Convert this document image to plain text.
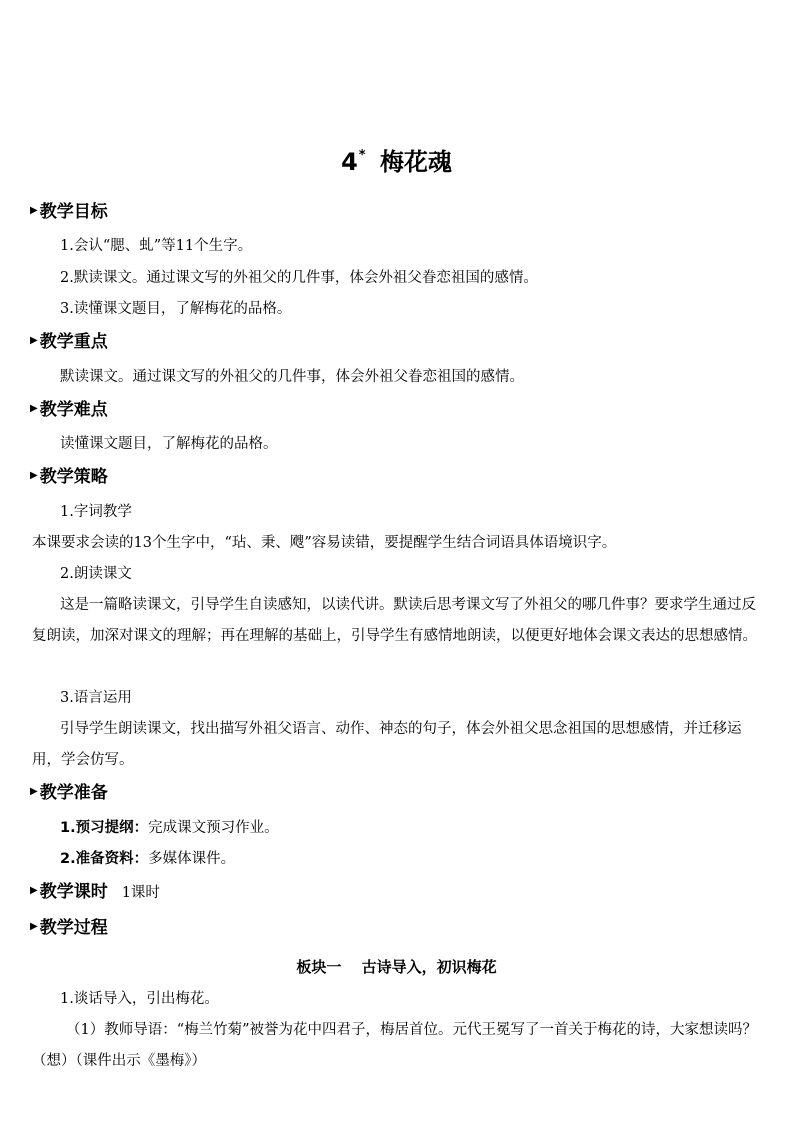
4* 梅花魂
▶ 教学目标
1.会认“腮、虬”等11个生字。
2.默读课文。通过课文写的外祖父的几件事，体会外祖父眷恋祖国的感情。
3.读懂课文题目，了解梅花的品格。
▶ 教学重点
默读课文。通过课文写的外祖父的几件事，体会外祖父眷恋祖国的感情。
▶ 教学难点
读懂课文题目，了解梅花的品格。
▶ 教学策略
1.字词教学
本课要求会读的13个生字中，“玷、秉、飕”容易读错，要提醒学生结合词语具体语境识字。
2.朗读课文
这是一篇略读课文，引导学生自读感知，以读代讲。默读后思考课文写了外祖父的哪几件事？要求学生通过反复朗读，加深对课文的理解；再在理解的基础上，引导学生有感情地朗读，以便更好地体会课文表达的思想感情。
3.语言运用
引导学生朗读课文，找出描写外祖父语言、动作、神态的句子，体会外祖父思念祖国的思想感情，并迁移运用，学会仿写。
▶ 教学准备
1.预习提纲：完成课文预习作业。
2.准备资料：多媒体课件。
▶ 教学课时 1课时
▶ 教学过程
板块一　 古诗导入，初识梅花
1.谈话导入，引出梅花。
（1）教师导语：“梅兰竹菊”被誉为花中四君子，梅居首位。元代王冕写了一首关于梅花的诗，大家想读吗？（想）（课件出示《墨梅》）
